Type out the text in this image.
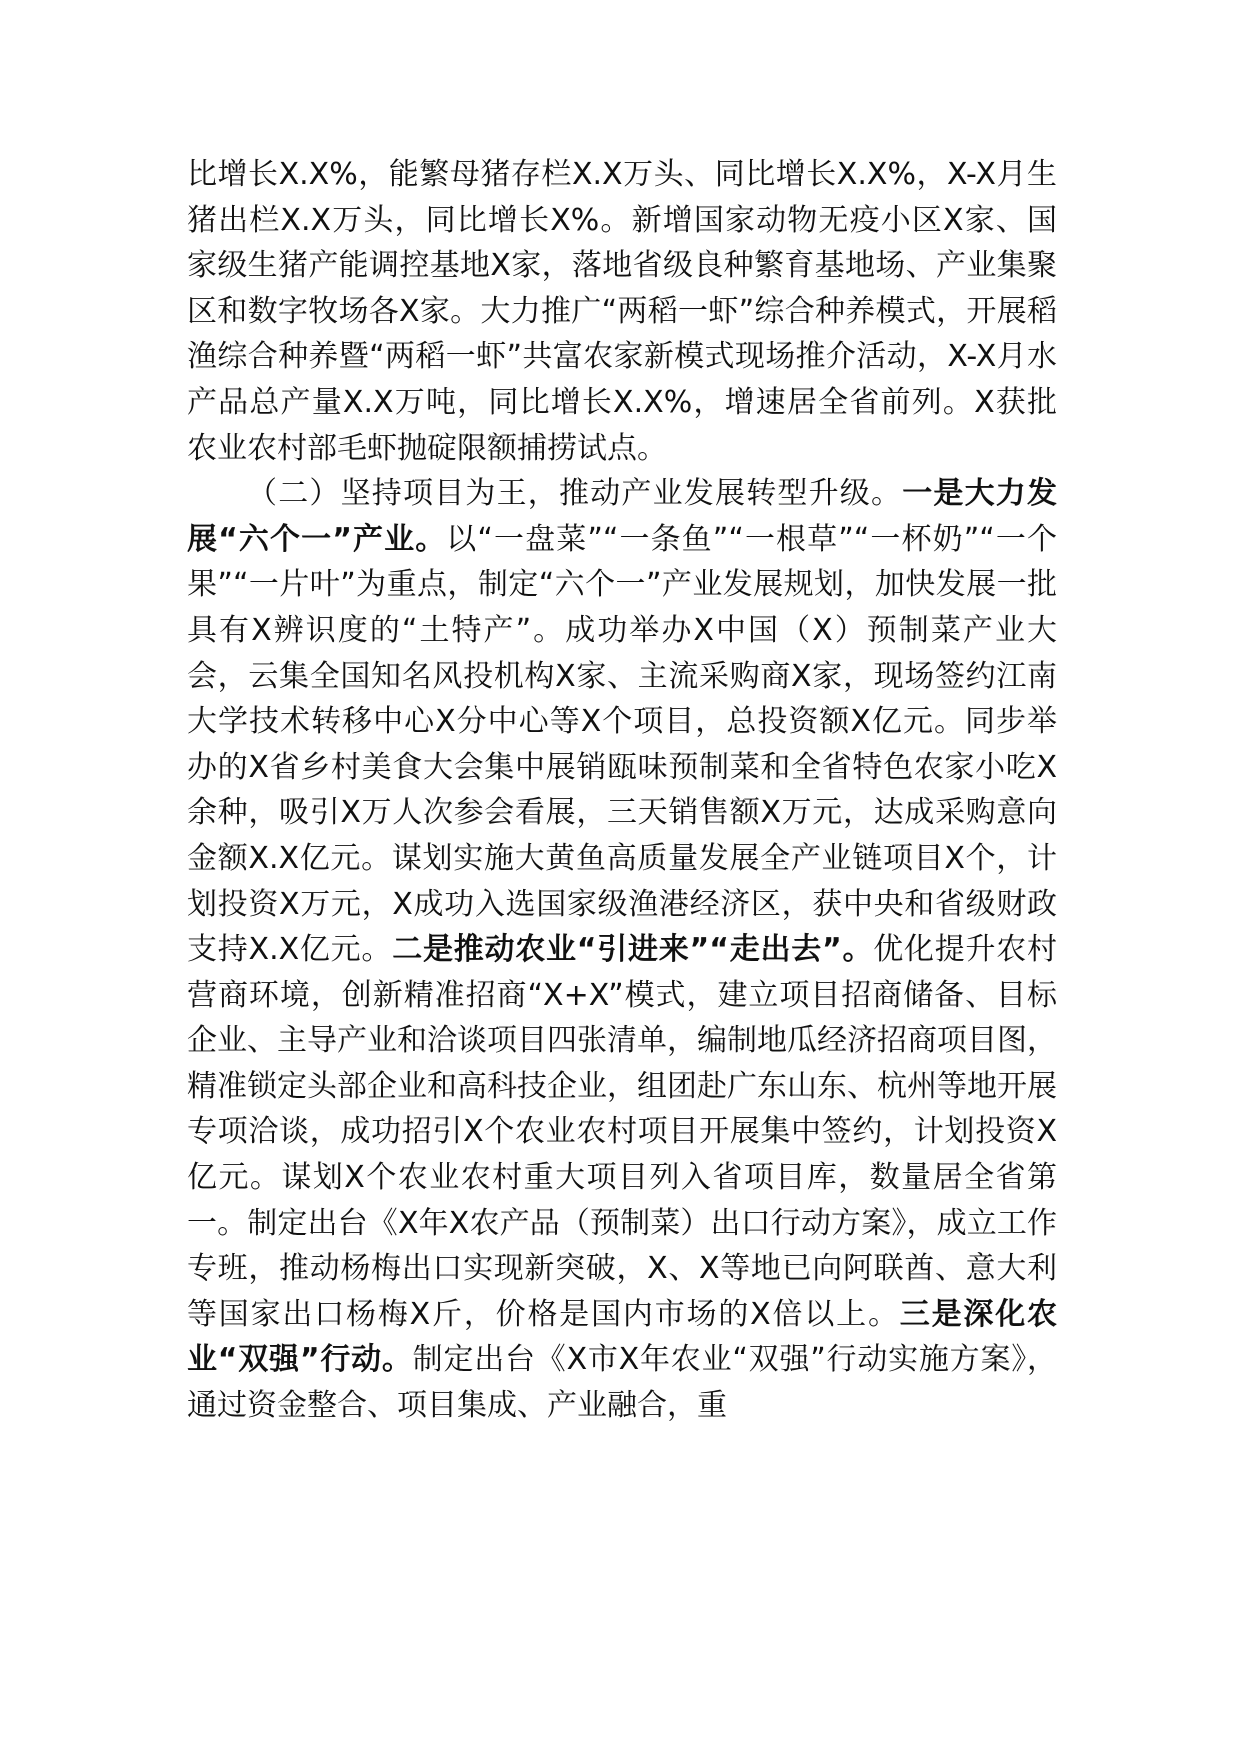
比增长X.X%，能繁母猪存栏X.X万头、同比增长X.X%，X-X月生猪出栏X.X万头，同比增长X%。新增国家动物无疫小区X家、国家级生猪产能调控基地X家，落地省级良种繁育基地场、产业集聚区和数字牧场各X家。大力推广“两稻一虾”综合种养模式，开展稻渔综合种养暨“两稻一虾”共富农家新模式现场推介活动，X-X月水产品总产量X.X万吨，同比增长X.X%，增速居全省前列。X获批农业农村部毛虾抛碇限额捕捞试点。

（二）坚持项目为王，推动产业发展转型升级。一是大力发展“六个一”产业。以“一盘菜”“一条鱼”“一根草”“一杯奶”“一个果”“一片叶”为重点，制定“六个一”产业发展规划，加快发展一批具有X辨识度的“土特产”。成功举办X中国（X）预制菜产业大会，云集全国知名风投机构X家、主流采购商X家，现场签约江南大学技术转移中心X分中心等X个项目，总投资额X亿元。同步举办的X省乡村美食大会集中展销瓯味预制菜和全省特色农家小吃X余种，吸引X万人次参会看展，三天销售额X万元，达成采购意向金额X.X亿元。谋划实施大黄鱼高质量发展全产业链项目X个，计划投资X万元，X成功入选国家级渔港经济区，获中央和省级财政支持X.X亿元。二是推动农业“引进来”“走出去”。优化提升农村营商环境，创新精准招商“X+X”模式，建立项目招商储备、目标企业、主导产业和洽谈项目四张清单，编制地瓜经济招商项目图，精准锁定头部企业和高科技企业，组团赴广东山东、杭州等地开展专项洽谈，成功招引X个农业农村项目开展集中签约，计划投资X亿元。谋划X个农业农村重大项目列入省项目库，数量居全省第一。制定出台《X年X农产品（预制菜）出口行动方案》，成立工作专班，推动杨梅出口实现新突破，X、X等地已向阿联酋、意大利等国家出口杨梅X斤，价格是国内市场的X倍以上。三是深化农业“双强”行动。制定出台《X市X年农业“双强”行动实施方案》，通过资金整合、项目集成、产业融合，重
